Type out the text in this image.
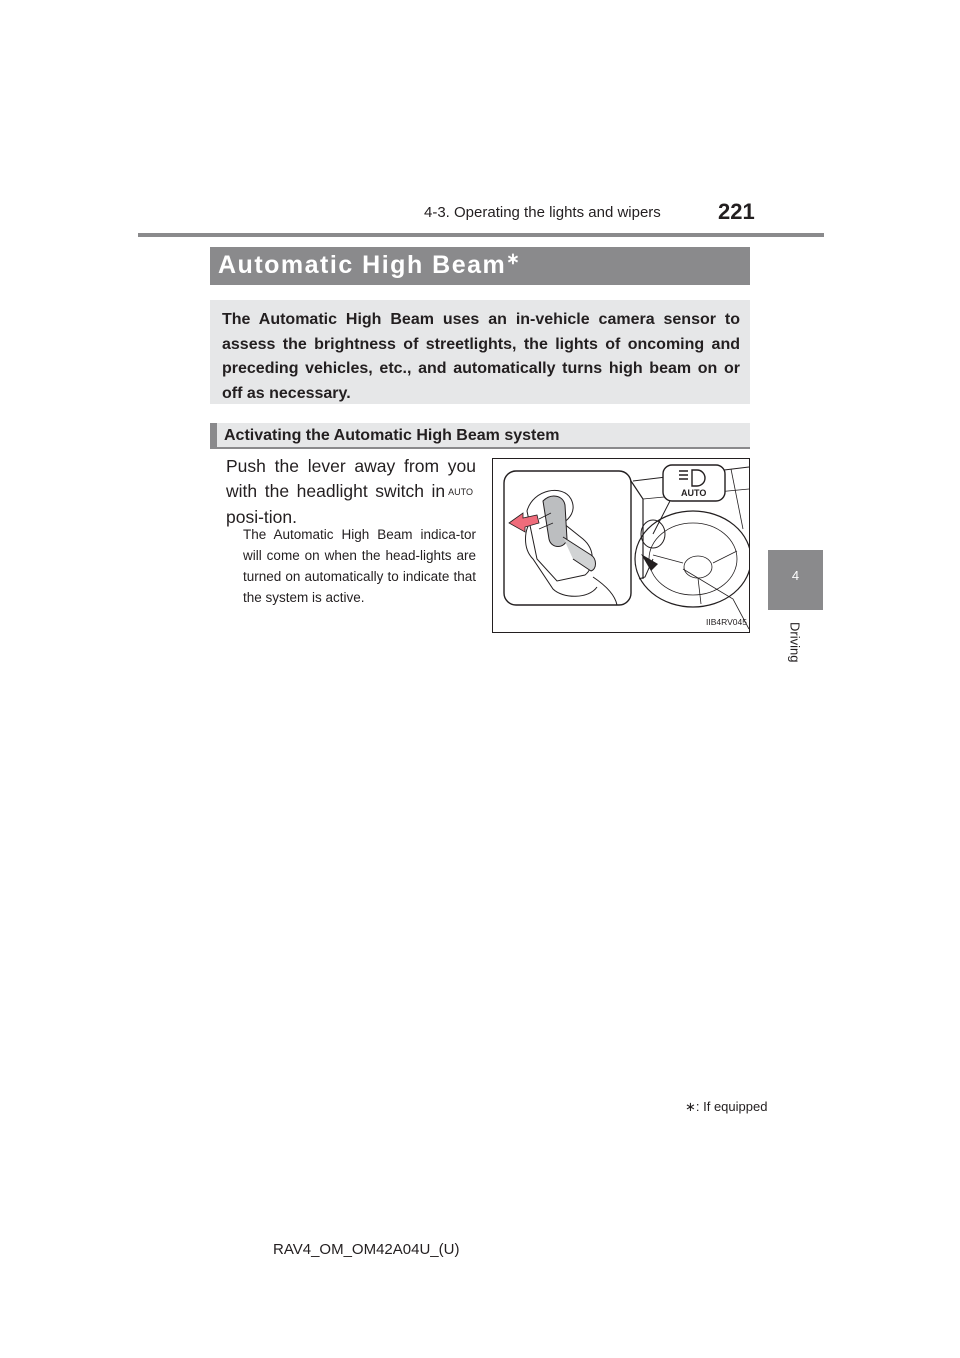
4-3. Operating the lights and wipers	221
4
Driving
Automatic High Beam∗
The Automatic High Beam uses an in-vehicle camera sensor to assess the brightness of streetlights, the lights of oncoming and preceding vehicles, etc., and automatically turns high beam on or off as necessary.
Activating the Automatic High Beam system
Push the lever away from you with the headlight switch in AUTOposi-tion.
The Automatic High Beam indica-tor will come on when the head-lights are turned on automatically to indicate that the system is active.
AUTO
IIB4RV045
∗: If equipped
RAV4_OM_OM42A04U_(U)
